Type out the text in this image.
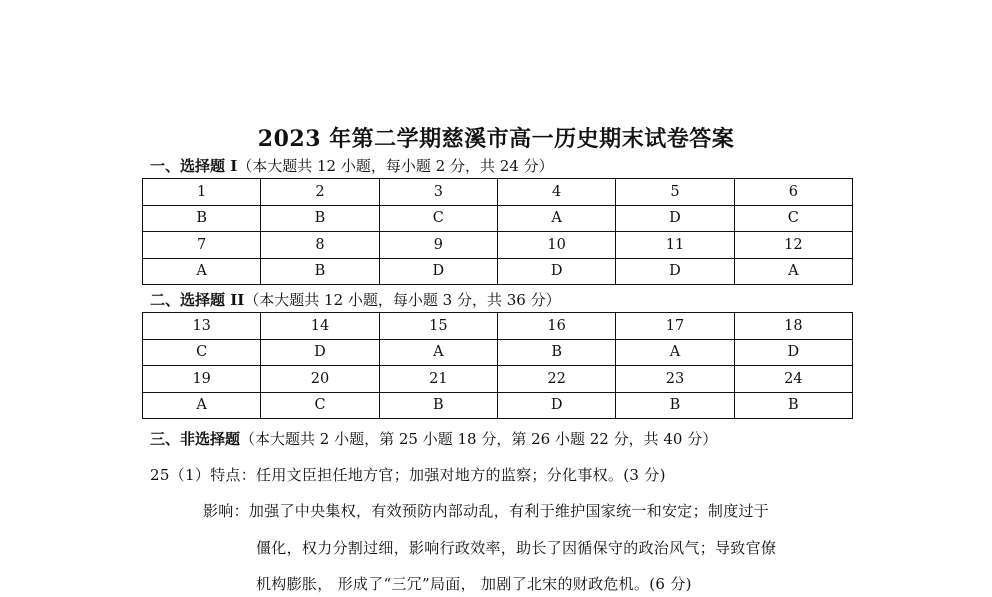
2023 年第二学期慈溪市高一历史期末试卷答案
一、选择题 I（本大题共 12 小题，每小题 2 分，共 24 分）
1	2	3	4	5	6
B	B	C	A	D	C
7	8	9	10	11	12
A	B	D	D	D	A
二、选择题 II（本大题共 12 小题，每小题 3 分，共 36 分）
13	14	15	16	17	18
C	D	A	B	A	D
19	20	21	22	23	24
A	C	B	D	B	B
三、非选择题（本大题共 2 小题，第 25 小题 18 分，第 26 小题 22 分，共 40 分）
25（1）特点：任用文臣担任地方官；加强对地方的监察；分化事权。(3 分)
影响：加强了中央集权，有效预防内部动乱，有利于维护国家统一和安定；制度过于
僵化，权力分割过细，影响行政效率，助长了因循保守的政治风气；导致官僚
机构膨胀， 形成了“三冗”局面， 加剧了北宋的财政危机。(6 分)
